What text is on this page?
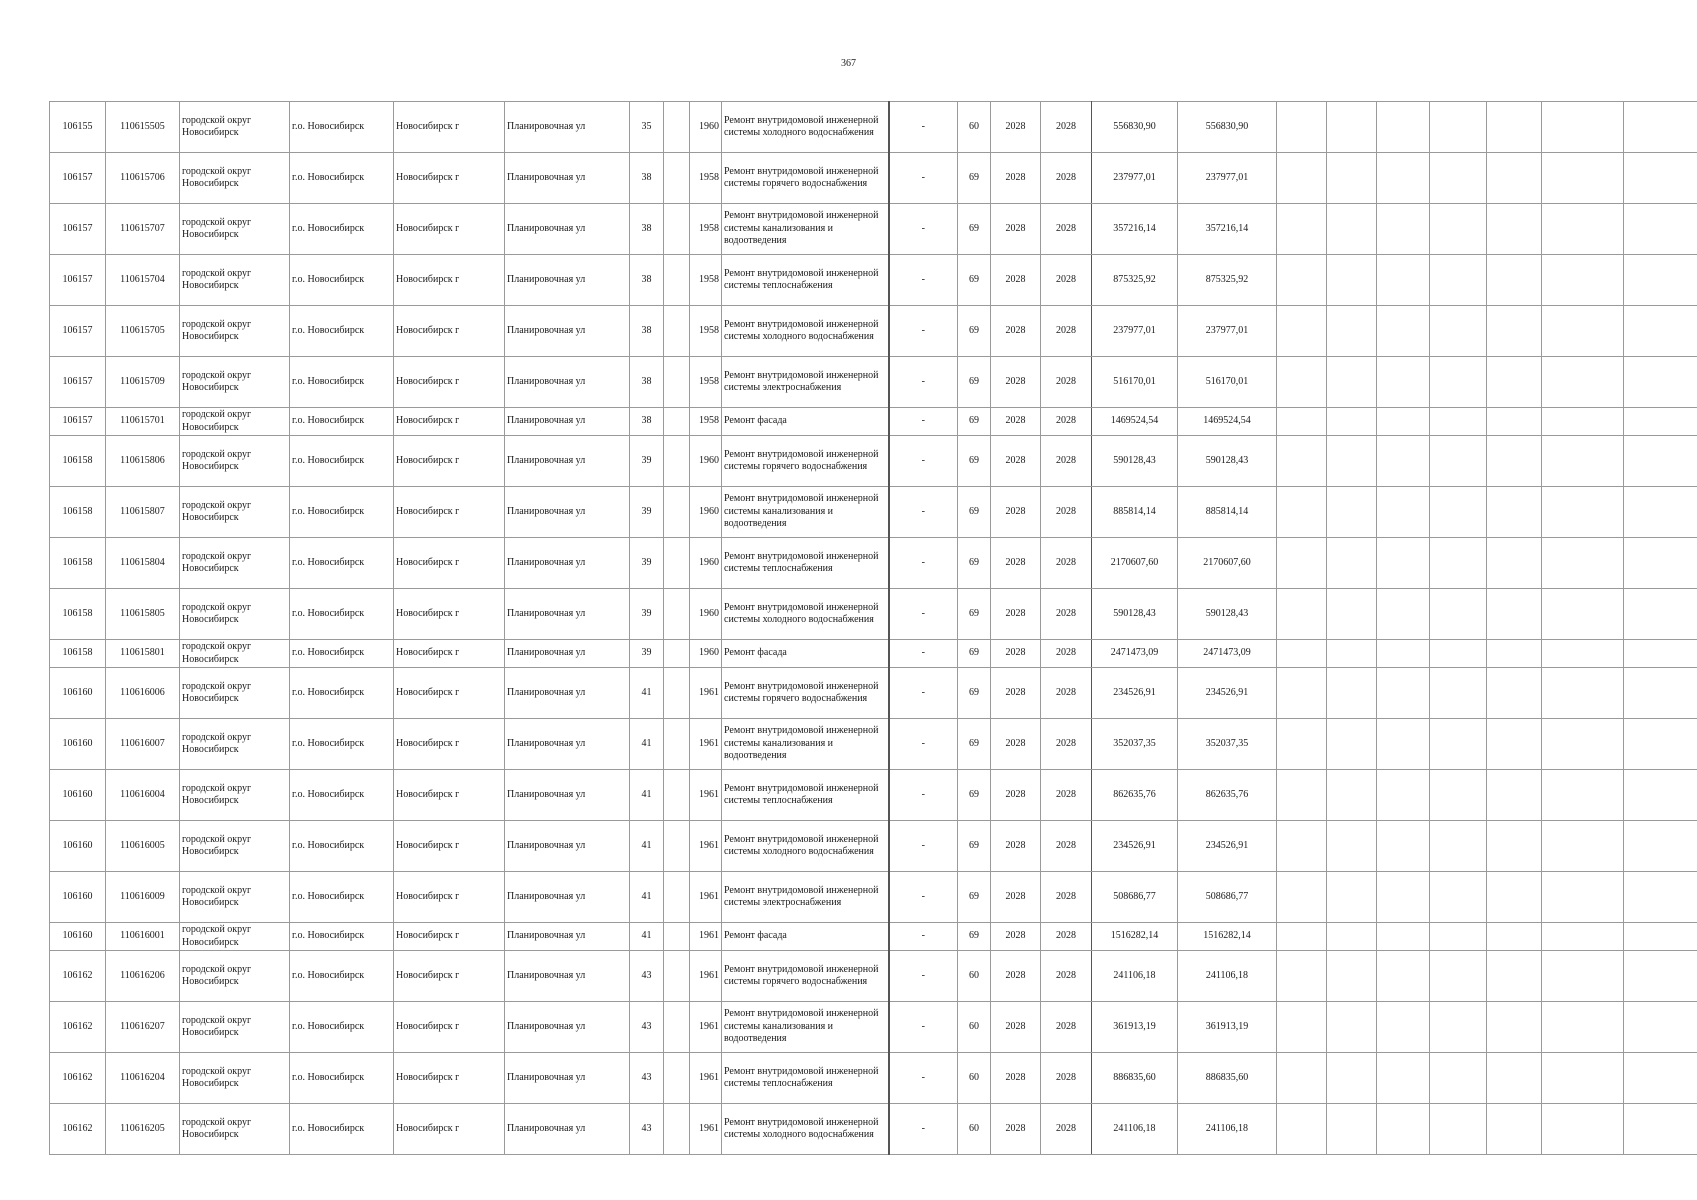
367
106155	110615505	городской округ Новосибирск	г.о. Новосибирск	Новосибирск г	Планировочная ул	35		1960	Ремонт внутридомовой инженерной системы холодного водоснабжения	-	60	2028	2028	556830,90	556830,90							
106157	110615706	городской округ Новосибирск	г.о. Новосибирск	Новосибирск г	Планировочная ул	38		1958	Ремонт внутридомовой инженерной системы горячего водоснабжения	-	69	2028	2028	237977,01	237977,01							
106157	110615707	городской округ Новосибирск	г.о. Новосибирск	Новосибирск г	Планировочная ул	38		1958	Ремонт внутридомовой инженерной системы канализования и водоотведения	-	69	2028	2028	357216,14	357216,14							
106157	110615704	городской округ Новосибирск	г.о. Новосибирск	Новосибирск г	Планировочная ул	38		1958	Ремонт внутридомовой инженерной системы теплоснабжения	-	69	2028	2028	875325,92	875325,92							
106157	110615705	городской округ Новосибирск	г.о. Новосибирск	Новосибирск г	Планировочная ул	38		1958	Ремонт внутридомовой инженерной системы холодного водоснабжения	-	69	2028	2028	237977,01	237977,01							
106157	110615709	городской округ Новосибирск	г.о. Новосибирск	Новосибирск г	Планировочная ул	38		1958	Ремонт внутридомовой инженерной системы электроснабжения	-	69	2028	2028	516170,01	516170,01							
106157	110615701	городской округ Новосибирск	г.о. Новосибирск	Новосибирск г	Планировочная ул	38		1958	Ремонт фасада	-	69	2028	2028	1469524,54	1469524,54							
106158	110615806	городской округ Новосибирск	г.о. Новосибирск	Новосибирск г	Планировочная ул	39		1960	Ремонт внутридомовой инженерной системы горячего водоснабжения	-	69	2028	2028	590128,43	590128,43							
106158	110615807	городской округ Новосибирск	г.о. Новосибирск	Новосибирск г	Планировочная ул	39		1960	Ремонт внутридомовой инженерной системы канализования и водоотведения	-	69	2028	2028	885814,14	885814,14							
106158	110615804	городской округ Новосибирск	г.о. Новосибирск	Новосибирск г	Планировочная ул	39		1960	Ремонт внутридомовой инженерной системы теплоснабжения	-	69	2028	2028	2170607,60	2170607,60							
106158	110615805	городской округ Новосибирск	г.о. Новосибирск	Новосибирск г	Планировочная ул	39		1960	Ремонт внутридомовой инженерной системы холодного водоснабжения	-	69	2028	2028	590128,43	590128,43							
106158	110615801	городской округ Новосибирск	г.о. Новосибирск	Новосибирск г	Планировочная ул	39		1960	Ремонт фасада	-	69	2028	2028	2471473,09	2471473,09							
106160	110616006	городской округ Новосибирск	г.о. Новосибирск	Новосибирск г	Планировочная ул	41		1961	Ремонт внутридомовой инженерной системы горячего водоснабжения	-	69	2028	2028	234526,91	234526,91							
106160	110616007	городской округ Новосибирск	г.о. Новосибирск	Новосибирск г	Планировочная ул	41		1961	Ремонт внутридомовой инженерной системы канализования и водоотведения	-	69	2028	2028	352037,35	352037,35							
106160	110616004	городской округ Новосибирск	г.о. Новосибирск	Новосибирск г	Планировочная ул	41		1961	Ремонт внутридомовой инженерной системы теплоснабжения	-	69	2028	2028	862635,76	862635,76							
106160	110616005	городской округ Новосибирск	г.о. Новосибирск	Новосибирск г	Планировочная ул	41		1961	Ремонт внутридомовой инженерной системы холодного водоснабжения	-	69	2028	2028	234526,91	234526,91							
106160	110616009	городской округ Новосибирск	г.о. Новосибирск	Новосибирск г	Планировочная ул	41		1961	Ремонт внутридомовой инженерной системы электроснабжения	-	69	2028	2028	508686,77	508686,77							
106160	110616001	городской округ Новосибирск	г.о. Новосибирск	Новосибирск г	Планировочная ул	41		1961	Ремонт фасада	-	69	2028	2028	1516282,14	1516282,14							
106162	110616206	городской округ Новосибирск	г.о. Новосибирск	Новосибирск г	Планировочная ул	43		1961	Ремонт внутридомовой инженерной системы горячего водоснабжения	-	60	2028	2028	241106,18	241106,18							
106162	110616207	городской округ Новосибирск	г.о. Новосибирск	Новосибирск г	Планировочная ул	43		1961	Ремонт внутридомовой инженерной системы канализования и водоотведения	-	60	2028	2028	361913,19	361913,19							
106162	110616204	городской округ Новосибирск	г.о. Новосибирск	Новосибирск г	Планировочная ул	43		1961	Ремонт внутридомовой инженерной системы теплоснабжения	-	60	2028	2028	886835,60	886835,60							
106162	110616205	городской округ Новосибирск	г.о. Новосибирск	Новосибирск г	Планировочная ул	43		1961	Ремонт внутридомовой инженерной системы холодного водоснабжения	-	60	2028	2028	241106,18	241106,18							
